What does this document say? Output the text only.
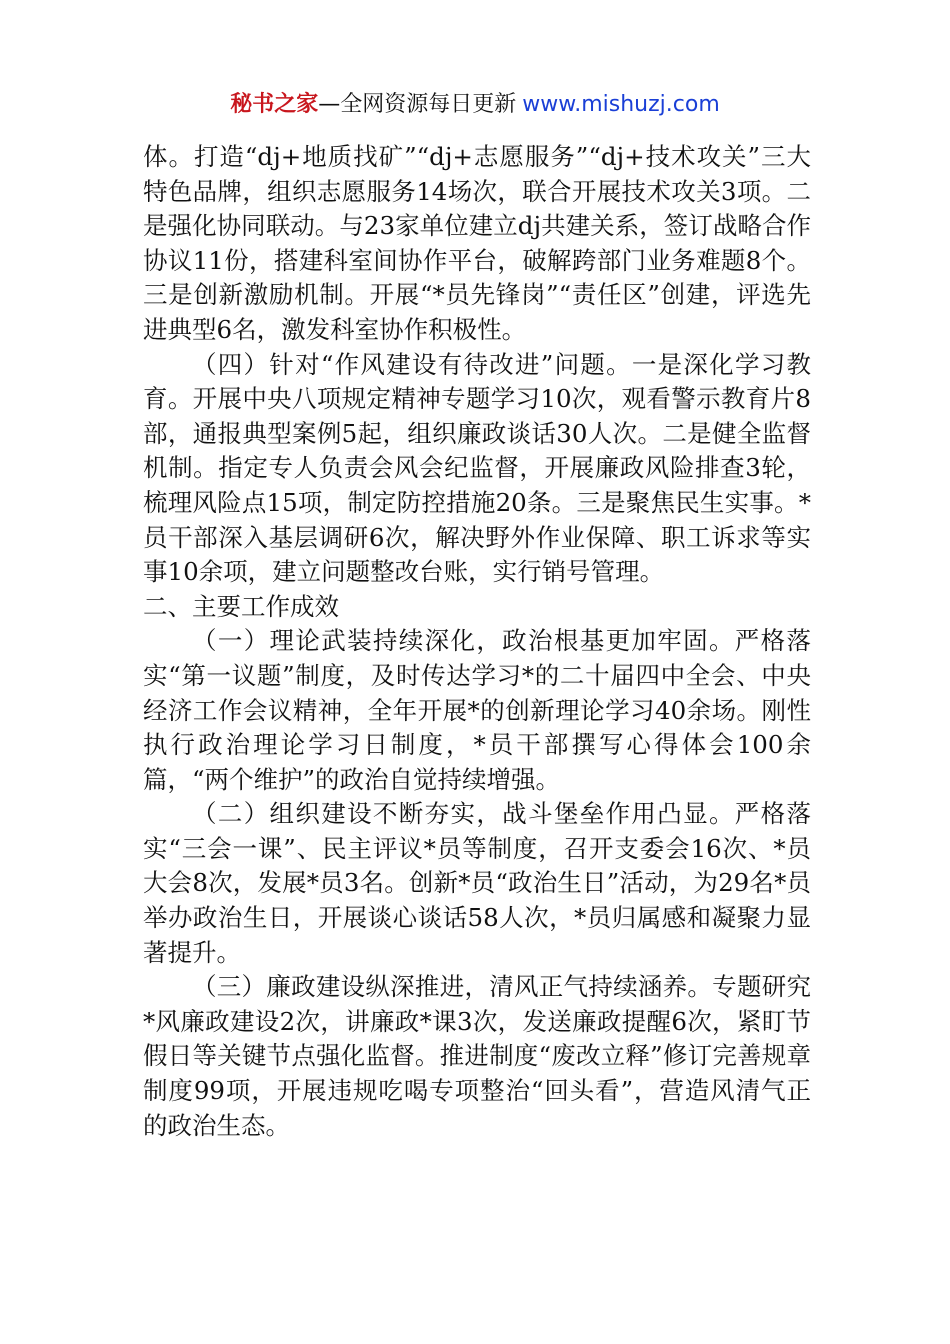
秘书之家—全网资源每日更新 www.mishuzj.com

体。打造“dj+地质找矿”“dj+志愿服务”“dj+技术攻关”三大特色品牌，组织志愿服务14场次，联合开展技术攻关3项。二是强化协同联动。与23家单位建立dj共建关系，签订战略合作协议11份，搭建科室间协作平台，破解跨部门业务难题8个。三是创新激励机制。开展“*员先锋岗”“责任区”创建，评选先进典型6名，激发科室协作积极性。

（四）针对“作风建设有待改进”问题。一是深化学习教育。开展中央八项规定精神专题学习10次，观看警示教育片8部，通报典型案例5起，组织廉政谈话30人次。二是健全监督机制。指定专人负责会风会纪监督，开展廉政风险排查3轮，梳理风险点15项，制定防控措施20条。三是聚焦民生实事。*员干部深入基层调研6次，解决野外作业保障、职工诉求等实事10余项，建立问题整改台账，实行销号管理。

二、主要工作成效

（一）理论武装持续深化，政治根基更加牢固。严格落实“第一议题”制度，及时传达学习*的二十届四中全会、中央经济工作会议精神，全年开展*的创新理论学习40余场。刚性执行政治理论学习日制度，*员干部撰写心得体会100余篇，“两个维护”的政治自觉持续增强。

（二）组织建设不断夯实，战斗堡垒作用凸显。严格落实“三会一课”、民主评议*员等制度，召开支委会16次、*员大会8次，发展*员3名。创新*员“政治生日”活动，为29名*员举办政治生日，开展谈心谈话58人次，*员归属感和凝聚力显著提升。

（三）廉政建设纵深推进，清风正气持续涵养。专题研究*风廉政建设2次，讲廉政*课3次，发送廉政提醒6次，紧盯节假日等关键节点强化监督。推进制度“废改立释”修订完善规章制度99项，开展违规吃喝专项整治“回头看”，营造风清气正的政治生态。
